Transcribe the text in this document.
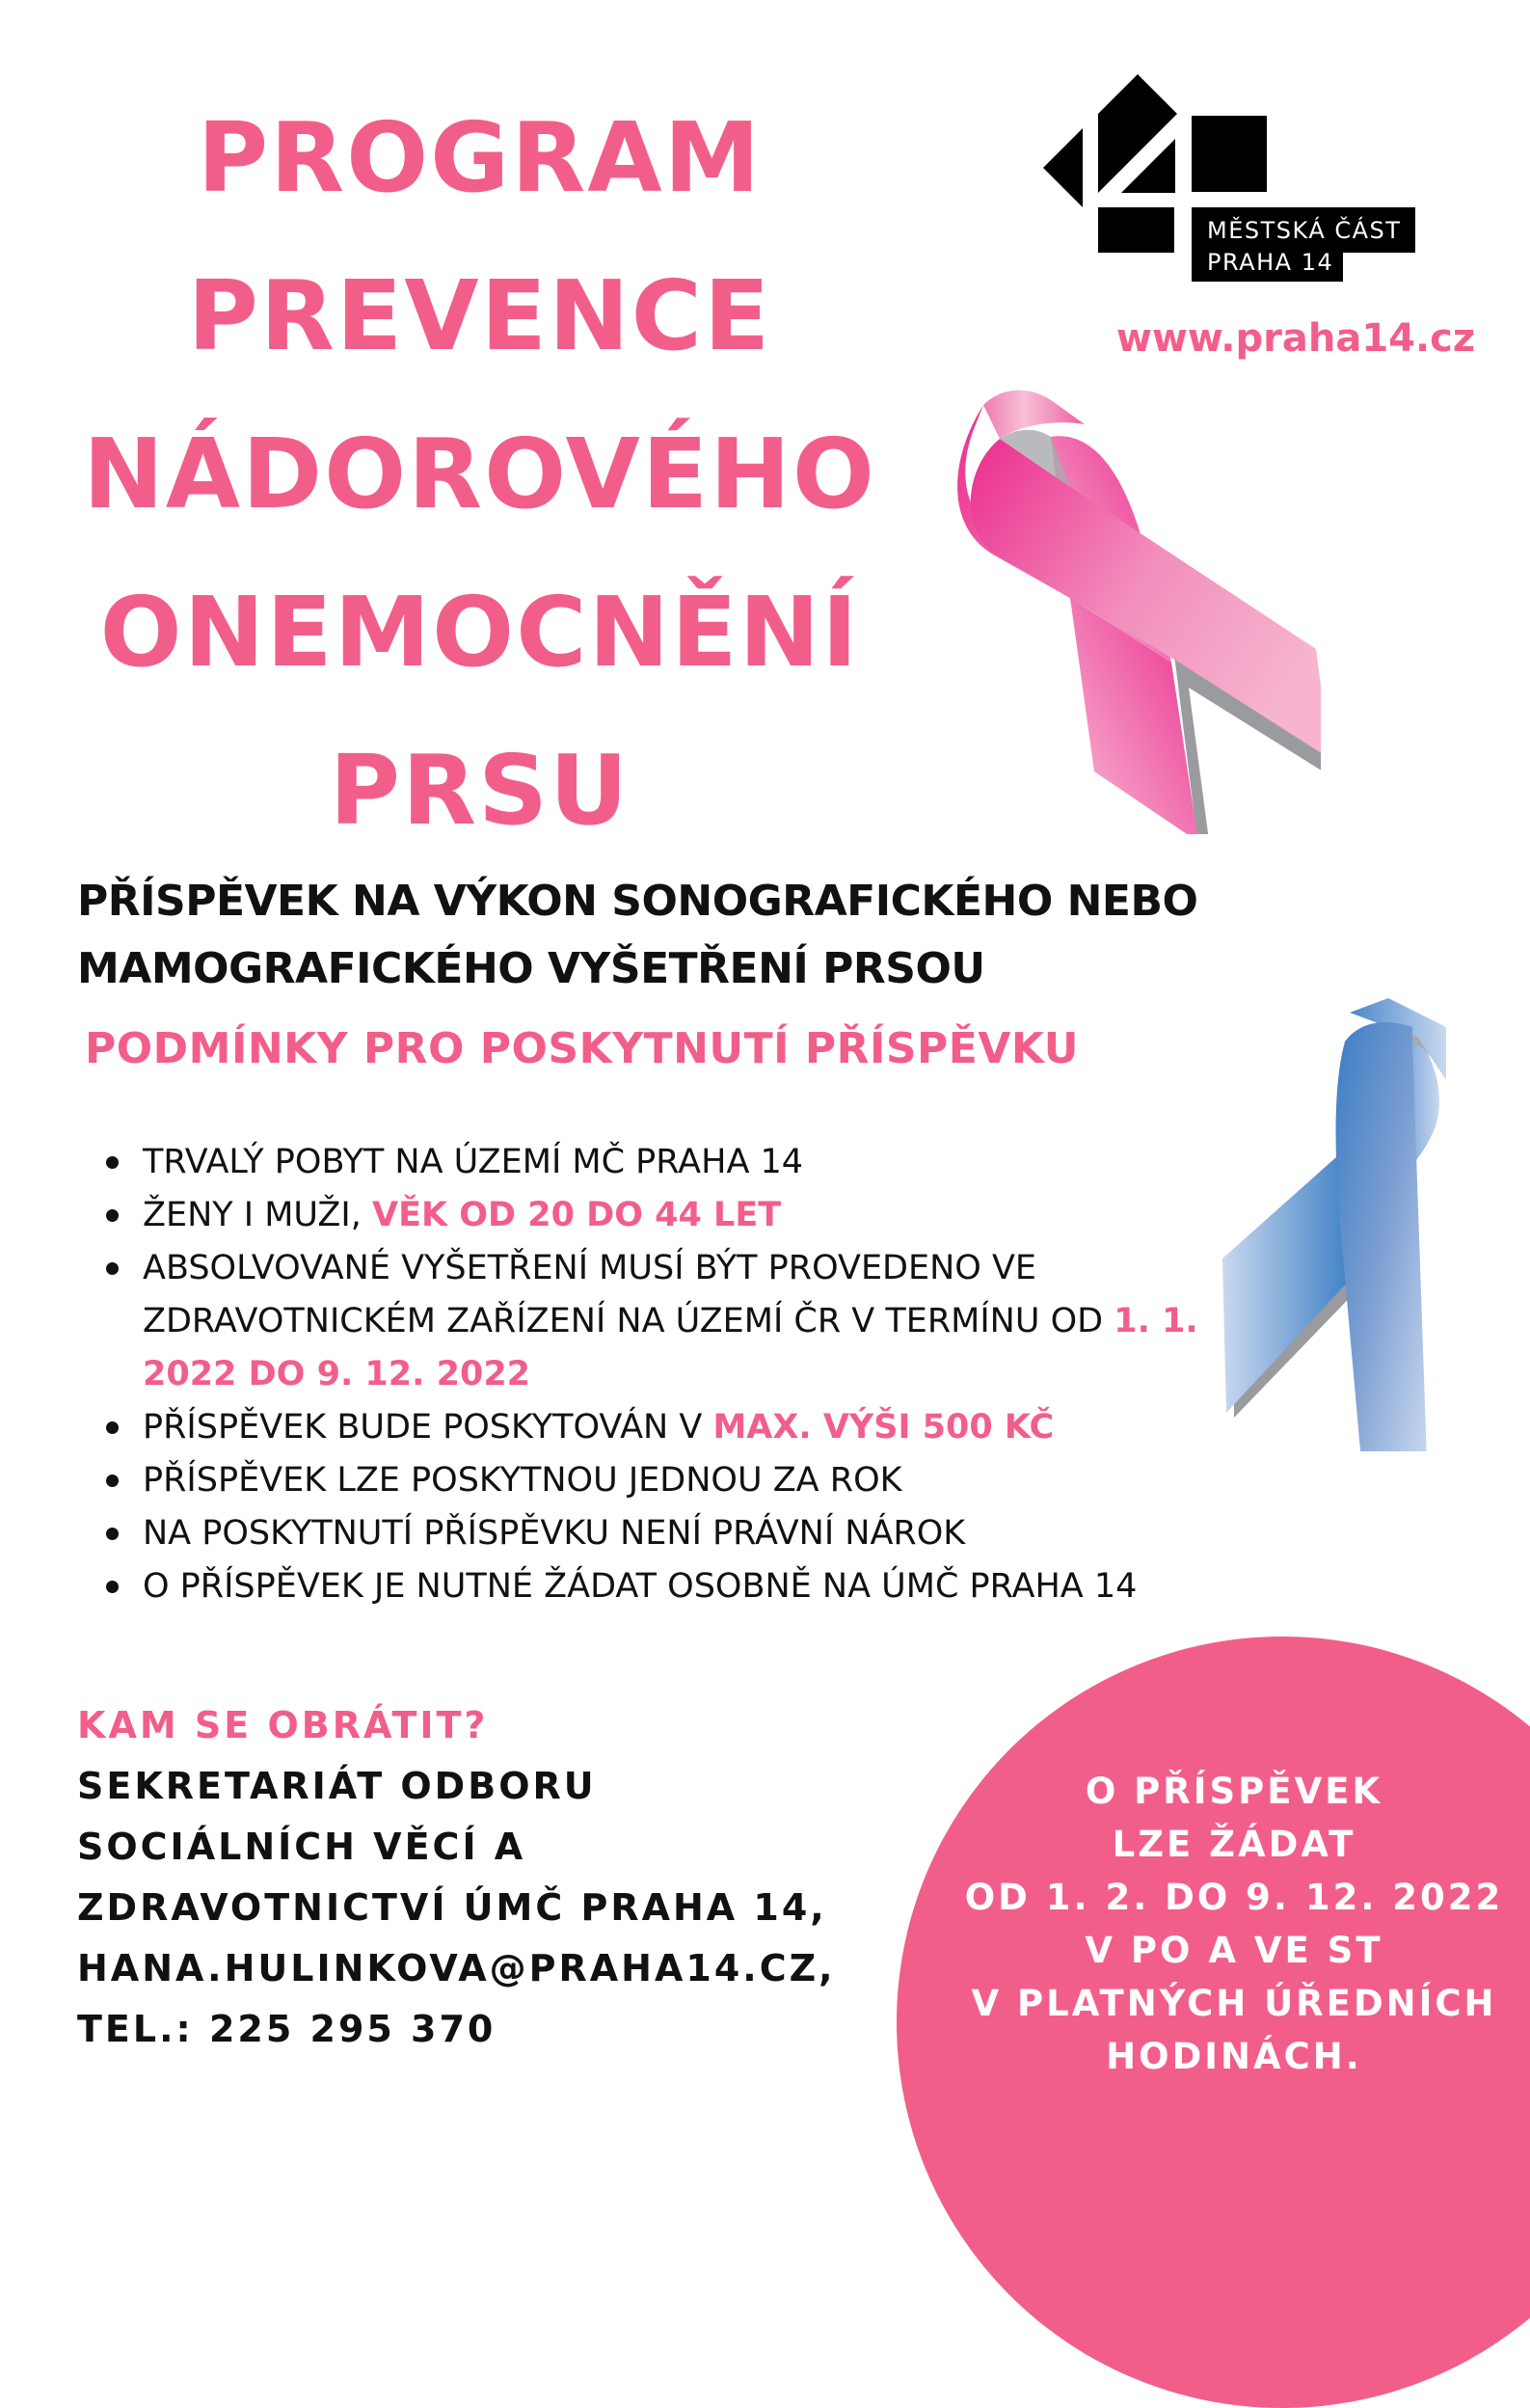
PROGRAM
PREVENCE
NÁDOROVÉHO
ONEMOCNĚNÍ
PRSU
MĚSTSKÁ ČÁST
PRAHA 14
www.praha14.cz
PŘÍSPĚVEK NA VÝKON SONOGRAFICKÉHO NEBO
MAMOGRAFICKÉHO VYŠETŘENÍ PRSOU
PODMÍNKY PRO POSKYTNUTÍ PŘÍSPĚVKU
TRVALÝ POBYT NA ÚZEMÍ MČ PRAHA 14
ŽENY I MUŽI, VĚK OD 20 DO 44 LET
ABSOLVOVANÉ VYŠETŘENÍ MUSÍ BÝT PROVEDENO VE ZDRAVOTNICKÉM ZAŘÍZENÍ NA ÚZEMÍ ČR V TERMÍNU OD 1. 1. 2022 DO 9. 12. 2022
PŘÍSPĚVEK BUDE POSKYTOVÁN V MAX. VÝŠI 500 KČ
PŘÍSPĚVEK LZE POSKYTNOU JEDNOU ZA ROK
NA POSKYTNUTÍ PŘÍSPĚVKU NENÍ PRÁVNÍ NÁROK
O PŘÍSPĚVEK JE NUTNÉ ŽÁDAT OSOBNĚ NA ÚMČ PRAHA 14
KAM SE OBRÁTIT?
SEKRETARIÁT ODBORU
SOCIÁLNÍCH VĚCÍ A
ZDRAVOTNICTVÍ ÚMČ PRAHA 14,
HANA.HULINKOVA@PRAHA14.CZ,
TEL.: 225 295 370
O PŘÍSPĚVEK
LZE ŽÁDAT
OD 1. 2. DO 9. 12. 2022
V PO A VE ST
V PLATNÝCH ÚŘEDNÍCH
HODINÁCH.
